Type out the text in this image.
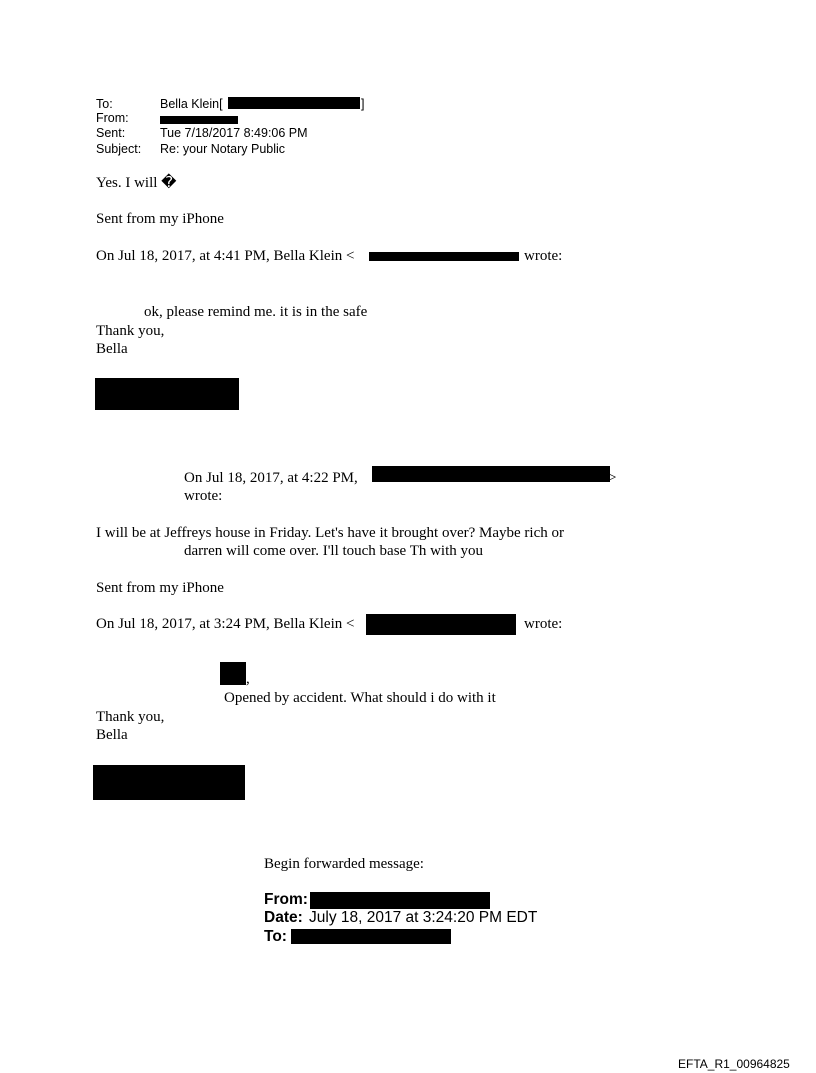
To:	Bella Klein[	]
From:
Sent:	Tue 7/18/2017 8:49:06 PM
Subject: Re: your Notary Public
Yes. I will �
Sent from my iPhone
On Jul 18, 2017, at 4:41 PM, Bella Klein <	wrote:
ok, please remind me. it is in the safe
Thank you,
Bella
On Jul 18, 2017, at 4:22 PM,	>
wrote:
I will be at Jeffreys house in Friday. Let's have it brought over? Maybe rich or
darren will come over. I'll touch base Th with you
Sent from my iPhone
On Jul 18, 2017, at 3:24 PM, Bella Klein <	wrote:
,
Opened by accident. What should i do with it
Thank you,
Bella
Begin forwarded message:
From:
Date: July 18, 2017 at 3:24:20 PM EDT
To:
EFTA_R1_00964825
